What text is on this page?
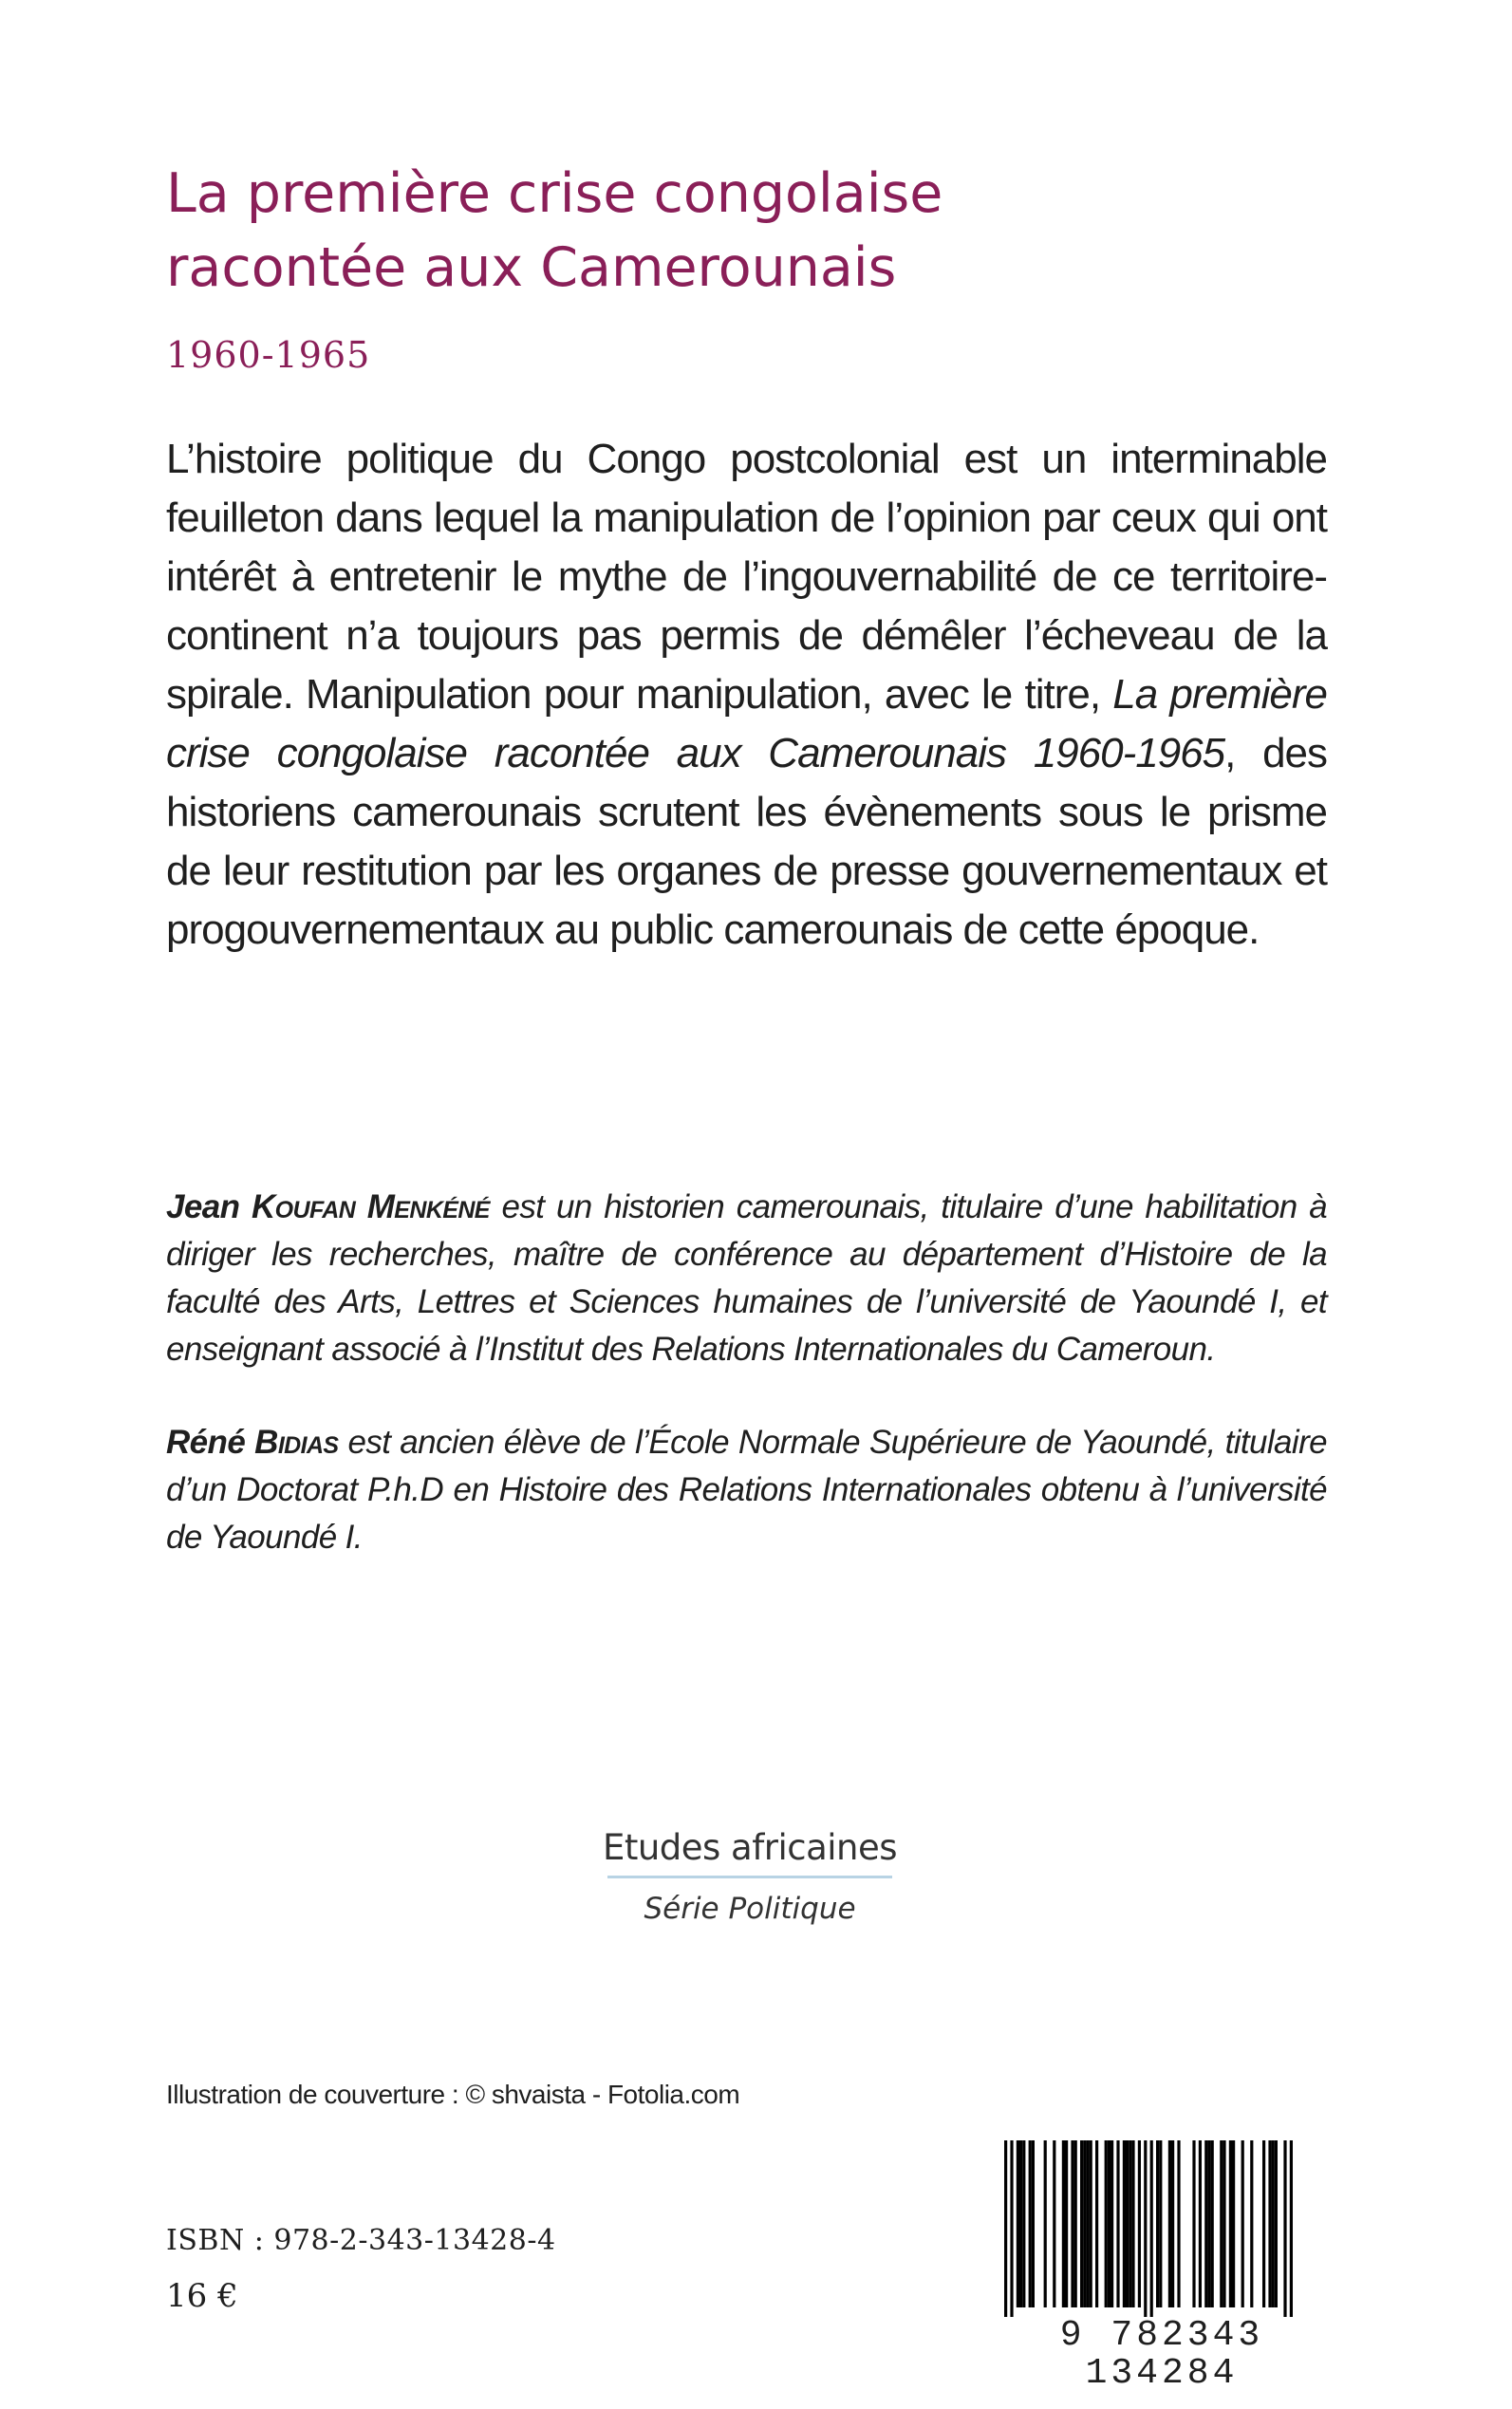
La première crise congolaise
racontée aux Camerounais
1960-1965
L’histoire politique du Congo postcolonial est un interminable feuilleton dans lequel la manipulation de l’opinion par ceux qui ont intérêt à entretenir le mythe de l’ingouvernabilité de ce territoire-continent n’a toujours pas permis de démêler l’écheveau de la spirale. Manipulation pour manipulation, avec le titre, La première crise congolaise racontée aux Camerounais 1960-1965, des historiens camerounais scrutent les évènements sous le prisme de leur restitution par les organes de presse gouvernementaux et progouvernementaux au public camerounais de cette époque.
Jean Koufan Menkéné est un historien camerounais, titulaire d’une habilitation à diriger les recherches, maître de conférence au département d’Histoire de la faculté des Arts, Lettres et Sciences humaines de l’université de Yaoundé I, et enseignant associé à l’Institut des Relations Internationales du Cameroun.
Réné Bidias est ancien élève de l’École Normale Supérieure de Yaoundé, titulaire d’un Doctorat P.h.D en Histoire des Relations Internationales obtenu à l’université de Yaoundé I.
Etudes africaines
Série Politique
Illustration de couverture : © shvaista - Fotolia.com
ISBN : 978-2-343-13428-4
16 €
9 782343 134284
